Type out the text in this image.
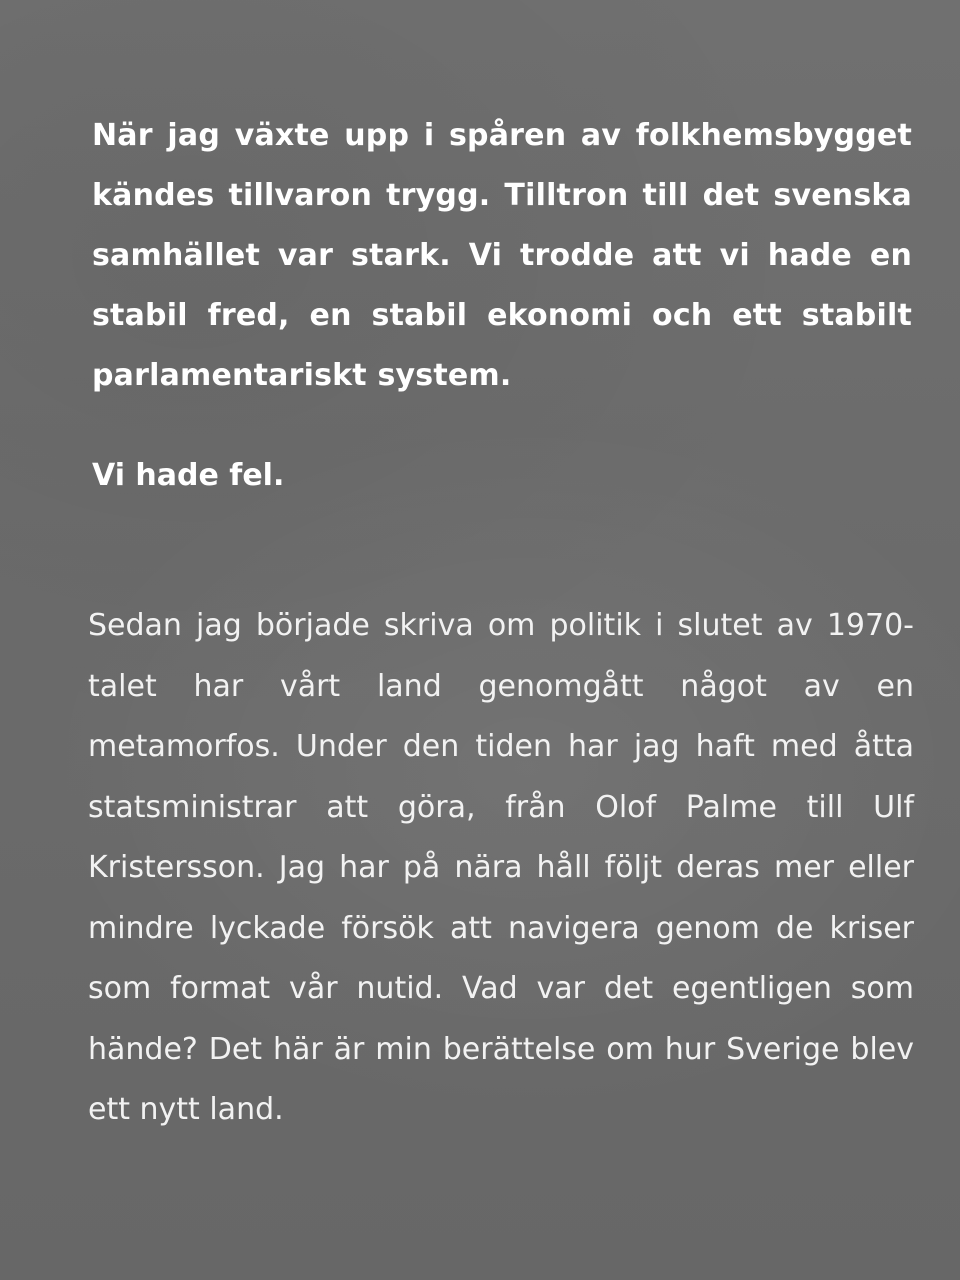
När jag växte upp i spåren av folkhemsbygget kändes tillvaron trygg. Tilltron till det svenska samhället var stark. Vi trodde att vi hade en stabil fred, en stabil ekonomi och ett stabilt parlamentariskt system.

Vi hade fel.

Sedan jag började skriva om politik i slutet av 1970-talet har vårt land genomgått något av en metamorfos. Under den tiden har jag haft med åtta statsministrar att göra, från Olof Palme till Ulf Kristersson. Jag har på nära håll följt deras mer eller mindre lyckade försök att navigera genom de kriser som format vår nutid. Vad var det egentligen som hände? Det här är min berättelse om hur Sverige blev ett nytt land.
